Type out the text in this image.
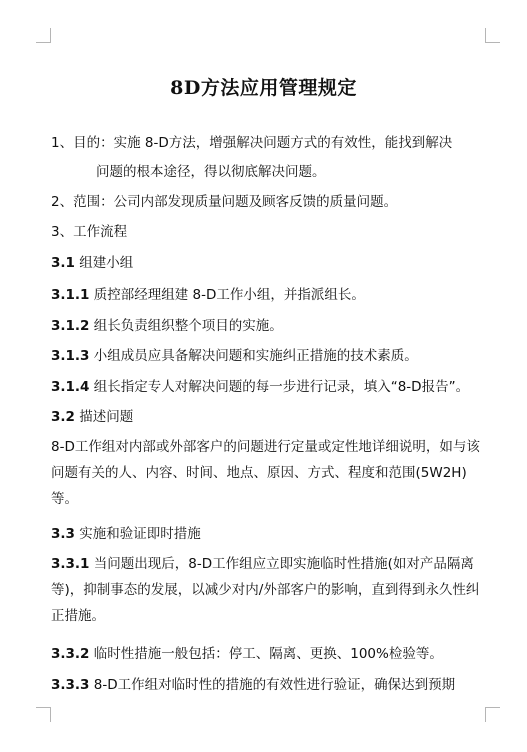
8D方法应用管理规定
1、目的：实施 8-D方法，增强解决问题方式的有效性，能找到解决
问题的根本途径，得以彻底解决问题。
2、范围：公司内部发现质量问题及顾客反馈的质量问题。
3、工作流程
3.1 组建小组
3.1.1 质控部经理组建 8-D工作小组，并指派组长。
3.1.2 组长负责组织整个项目的实施。
3.1.3 小组成员应具备解决问题和实施纠正措施的技术素质。
3.1.4 组长指定专人对解决问题的每一步进行记录，填入“8-D报告”。
3.2 描述问题
8-D工作组对内部或外部客户的问题进行定量或定性地详细说明，如与该问题有关的人、内容、时间、地点、原因、方式、程度和范围(5W2H)等。
3.3 实施和验证即时措施
3.3.1 当问题出现后，8-D工作组应立即实施临时性措施(如对产品隔离等)，抑制事态的发展，以减少对内/外部客户的影响，直到得到永久性纠正措施。
3.3.2 临时性措施一般包括：停工、隔离、更换、100%检验等。
3.3.3 8-D工作组对临时性的措施的有效性进行验证，确保达到预期
